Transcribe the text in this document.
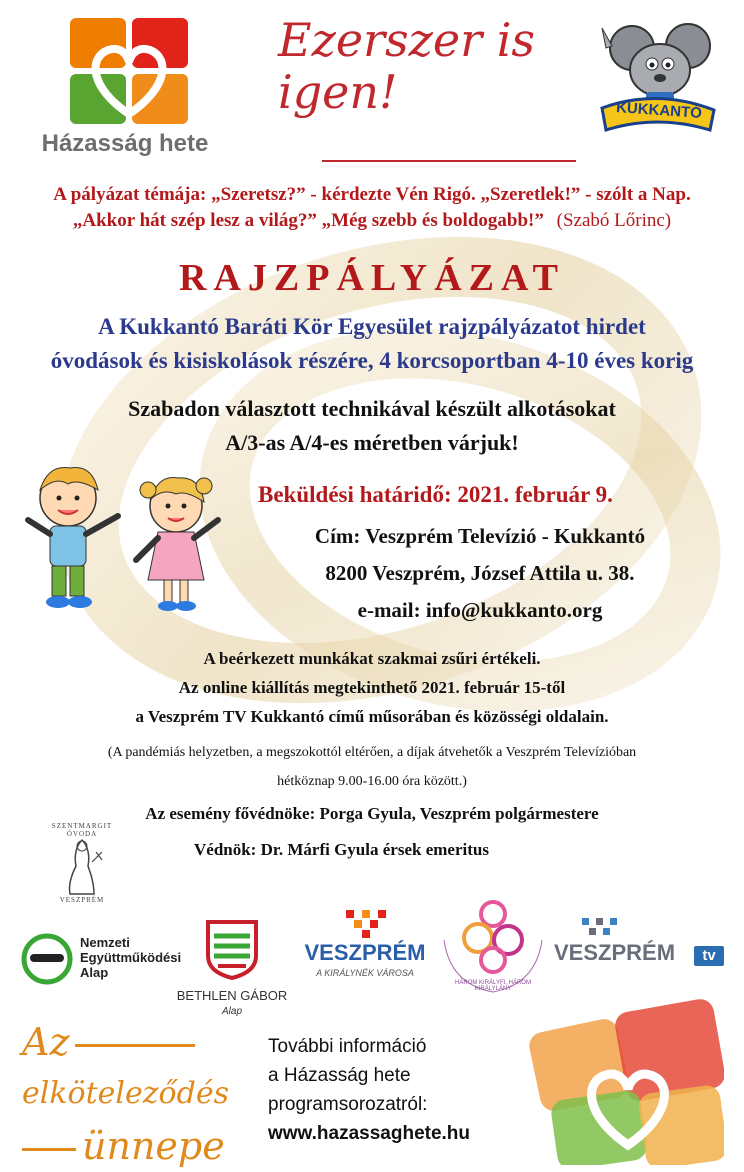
Házasság hete
Ezerszer is
igen!	KUKKANTÓ
A pályázat témája: „Szeretsz?” - kérdezte Vén Rigó. „Szeretlek!” - szólt a Nap.
„Akkor hát szép lesz a világ?” „Még szebb és boldogabb!” (Szabó Lőrinc)
RAJZPÁLYÁZAT
A Kukkantó Baráti Kör Egyesület rajzpályázatot hirdet
óvodások és kisiskolások részére, 4 korcsoportban 4-10 éves korig
Szabadon választott technikával készült alkotásokat
A/3-as A/4-es méretben várjuk!
Beküldési határidő: 2021. február 9.
Cím: Veszprém Televízió - Kukkantó
8200 Veszprém, József Attila u. 38.
e-mail: info@kukkanto.org
A beérkezett munkákat szakmai zsűri értékeli.
Az online kiállítás megtekinthető 2021. február 15-től
a Veszprém TV Kukkantó című műsorában és közösségi oldalain.
(A pandémiás helyzetben, a megszokottól eltérően, a díjak átvehetők a Veszprém Televízióban
hétköznap 9.00-16.00 óra között.)
Az esemény fővédnöke: Porga Gyula, Veszprém polgármestere
Védnök: Dr. Márfi Gyula érsek emeritus
SZENTMARGIT ÓVODA
VESZPRÉM
Nemzeti
Együttműködési
Alap
BETHLEN GÁBOR
Alap
VESZPRÉM
A KIRÁLYNÉK VÁROSA
HÁROM KIRÁLYFI, HÁROM KIRÁLYLÁNY
VESZPRÉM	tv
Az
elköteleződés
ünnepe
További információ
a Házasság hete
programsorozatról:
www.hazassaghete.hu
